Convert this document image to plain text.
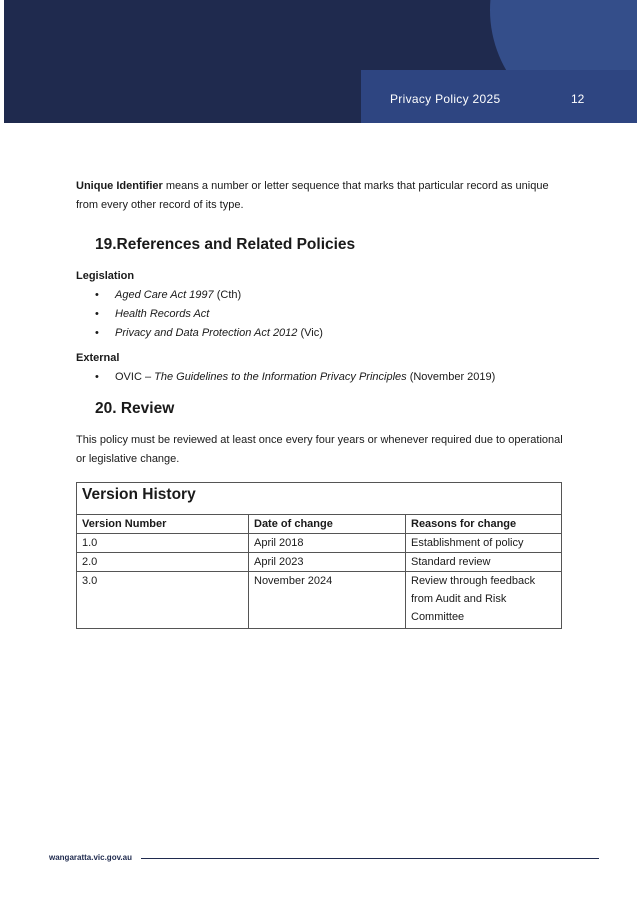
Privacy Policy 2025	12

Unique Identifier means a number or letter sequence that marks that particular record as unique from every other record of its type.

19.References and Related Policies

Legislation

• Aged Care Act 1997 (Cth)
• Health Records Act
• Privacy and Data Protection Act 2012 (Vic)

External

• OVIC – The Guidelines to the Information Privacy Principles (November 2019)
20. Review

This policy must be reviewed at least once every four years or whenever required due to operational or legislative change.

Version History		
Version Number	Date of change	Reasons for change
1.0	April 2018	Establishment of policy
2.0	April 2023	Standard review
3.0	November 2024	Review through feedback from Audit and Risk Committee
wangaratta.vic.gov.au
